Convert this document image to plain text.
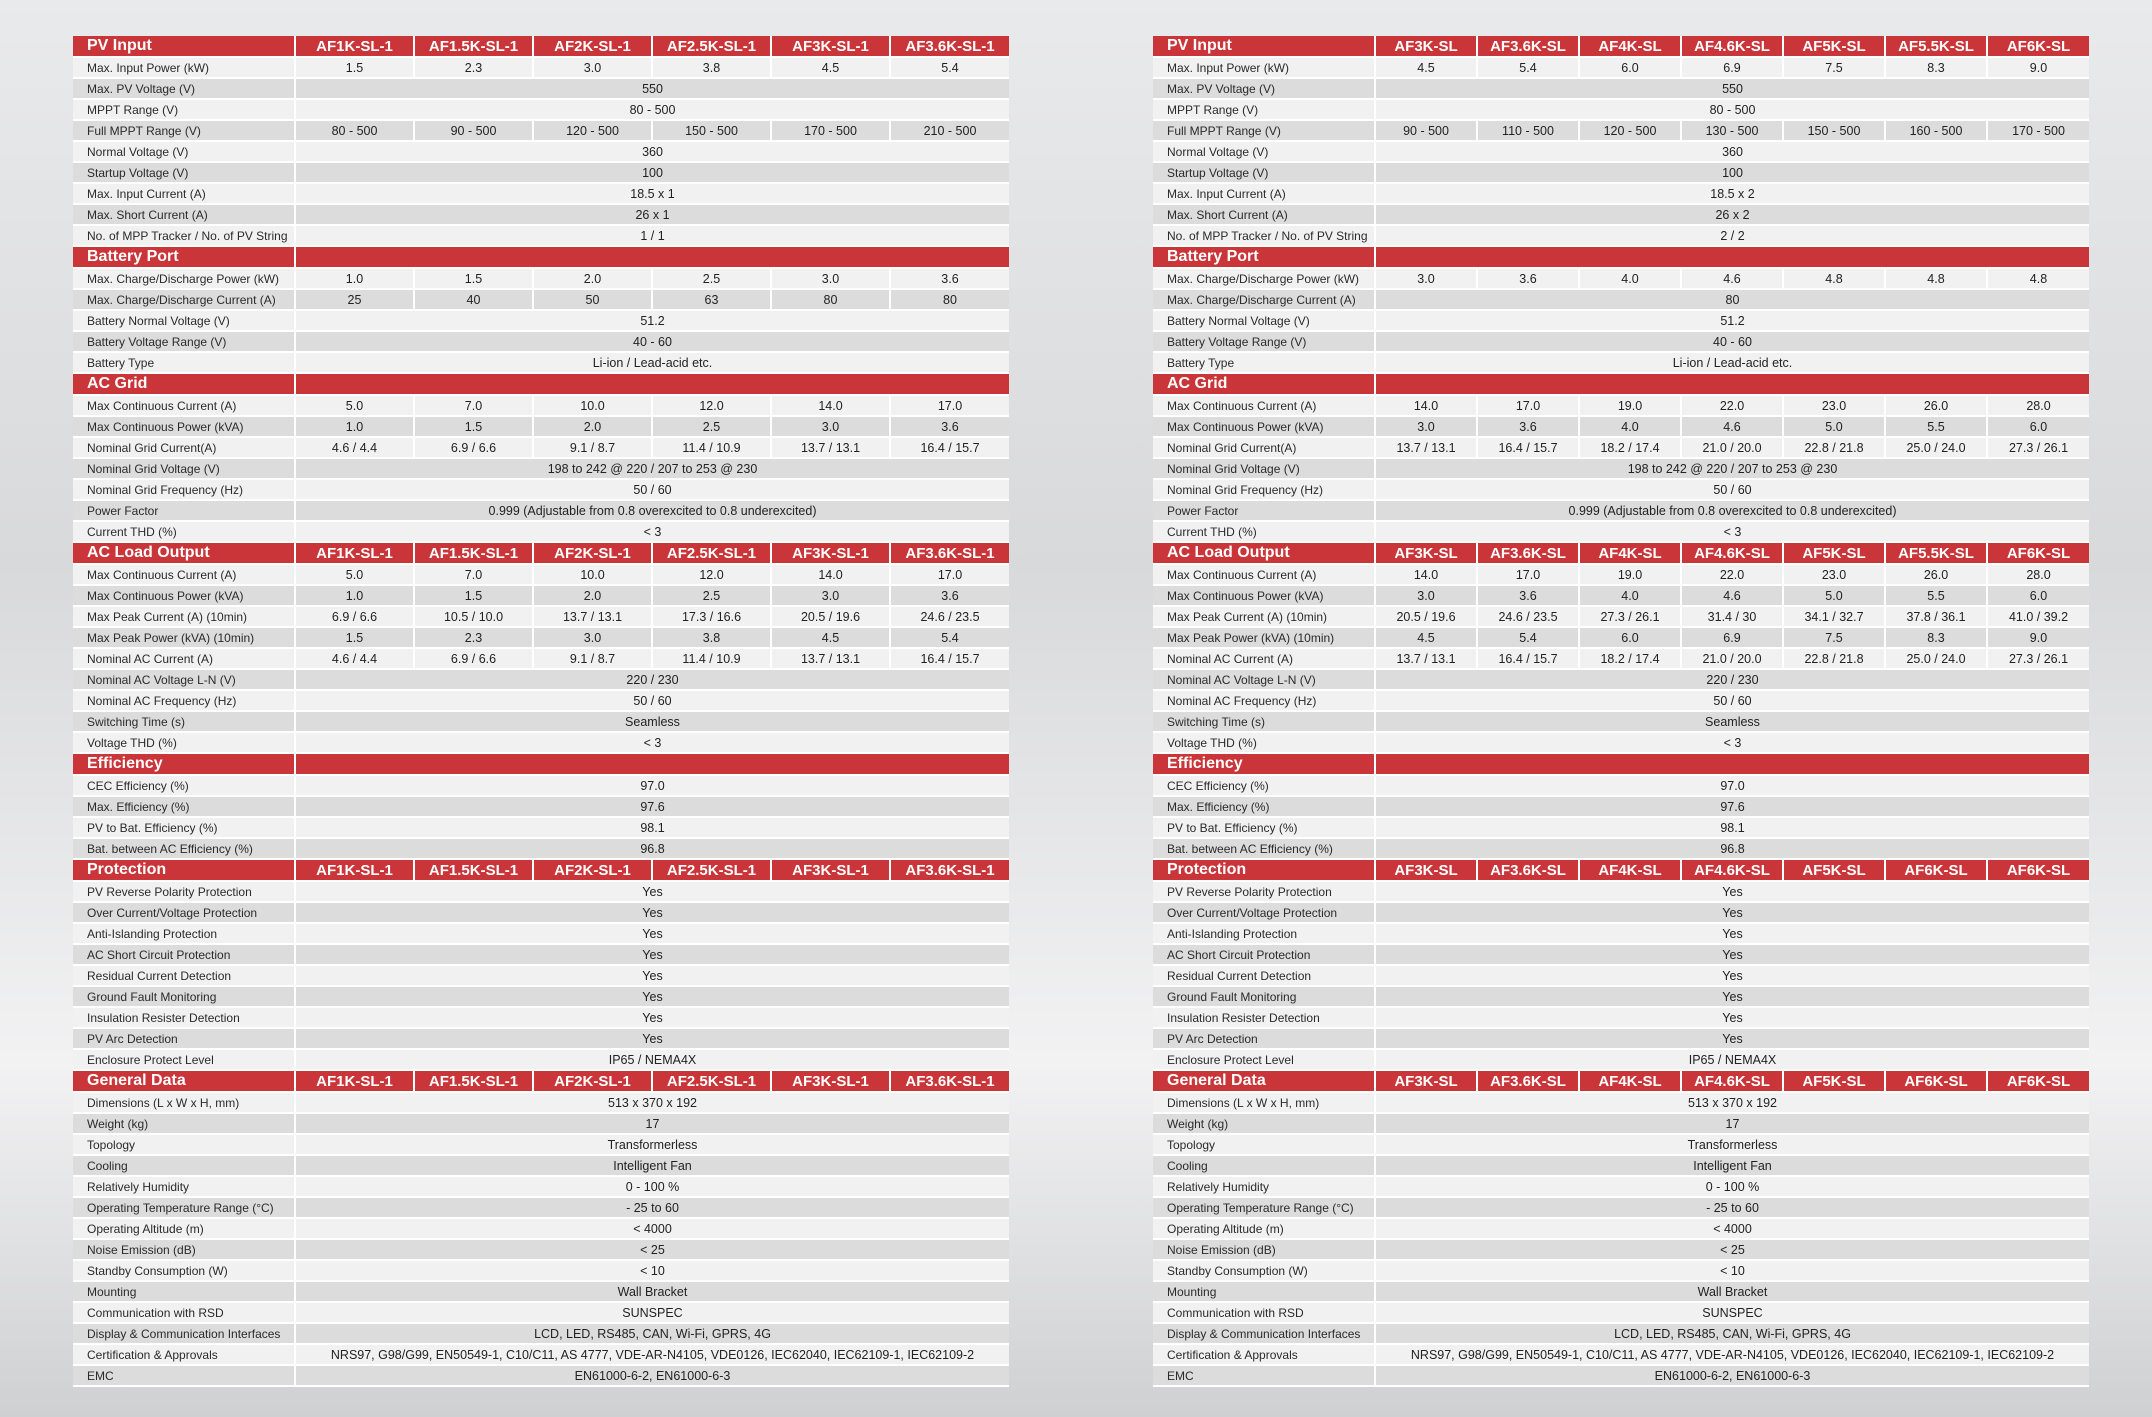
PV Input	AF1K-SL-1	AF1.5K-SL-1	AF2K-SL-1	AF2.5K-SL-1	AF3K-SL-1	AF3.6K-SL-1
Max. Input Power (kW)	1.5	2.3	3.0	3.8	4.5	5.4
Max. PV Voltage (V)	550					
MPPT Range (V)	80 - 500					
Full MPPT Range (V)	80 - 500	90 - 500	120 - 500	150 - 500	170 - 500	210 - 500
Normal Voltage (V)	360					
Startup Voltage (V)	100					
Max. Input Current (A)	18.5 x 1					
Max. Short Current (A)	26 x 1					
No. of MPP Tracker / No. of PV String	1 / 1					
Battery Port						
Max. Charge/Discharge Power (kW)	1.0	1.5	2.0	2.5	3.0	3.6
Max. Charge/Discharge Current (A)	25	40	50	63	80	80
Battery Normal Voltage (V)	51.2					
Battery Voltage Range (V)	40 - 60					
Battery Type	Li-ion / Lead-acid etc.					
AC Grid						
Max Continuous Current (A)	5.0	7.0	10.0	12.0	14.0	17.0
Max Continuous Power (kVA)	1.0	1.5	2.0	2.5	3.0	3.6
Nominal Grid Current(A)	4.6 / 4.4	6.9 / 6.6	9.1 / 8.7	11.4 / 10.9	13.7 / 13.1	16.4 / 15.7
Nominal Grid Voltage (V)	198 to 242 @ 220 / 207 to 253 @ 230					
Nominal Grid Frequency (Hz)	50 / 60					
Power Factor	0.999 (Adjustable from 0.8 overexcited to 0.8 underexcited)					
Current THD (%)	< 3					
AC Load Output	AF1K-SL-1	AF1.5K-SL-1	AF2K-SL-1	AF2.5K-SL-1	AF3K-SL-1	AF3.6K-SL-1
Max Continuous Current (A)	5.0	7.0	10.0	12.0	14.0	17.0
Max Continuous Power (kVA)	1.0	1.5	2.0	2.5	3.0	3.6
Max Peak Current (A) (10min)	6.9 / 6.6	10.5 / 10.0	13.7 / 13.1	17.3 / 16.6	20.5 / 19.6	24.6 / 23.5
Max Peak Power (kVA) (10min)	1.5	2.3	3.0	3.8	4.5	5.4
Nominal AC Current (A)	4.6 / 4.4	6.9 / 6.6	9.1 / 8.7	11.4 / 10.9	13.7 / 13.1	16.4 / 15.7
Nominal AC Voltage L-N (V)	220 / 230					
Nominal AC Frequency (Hz)	50 / 60					
Switching Time (s)	Seamless					
Voltage THD (%)	< 3					
Efficiency						
CEC Efficiency (%)	97.0					
Max. Efficiency (%)	97.6					
PV to Bat. Efficiency (%)	98.1					
Bat. between AC Efficiency (%)	96.8					
Protection	AF1K-SL-1	AF1.5K-SL-1	AF2K-SL-1	AF2.5K-SL-1	AF3K-SL-1	AF3.6K-SL-1
PV Reverse Polarity Protection	Yes					
Over Current/Voltage Protection	Yes					
Anti-Islanding Protection	Yes					
AC Short Circuit Protection	Yes					
Residual Current Detection	Yes					
Ground Fault Monitoring	Yes					
Insulation Resister Detection	Yes					
PV Arc Detection	Yes					
Enclosure Protect Level	IP65 / NEMA4X					
General Data	AF1K-SL-1	AF1.5K-SL-1	AF2K-SL-1	AF2.5K-SL-1	AF3K-SL-1	AF3.6K-SL-1
Dimensions (L x W x H, mm)	513 x 370 x 192					
Weight (kg)	17					
Topology	Transformerless					
Cooling	Intelligent Fan					
Relatively Humidity	0 - 100 %					
Operating Temperature Range (°C)	- 25 to 60					
Operating Altitude (m)	< 4000					
Noise Emission (dB)	< 25					
Standby Consumption (W)	< 10					
Mounting	Wall Bracket					
Communication with RSD	SUNSPEC					
Display & Communication Interfaces	LCD, LED, RS485, CAN, Wi-Fi, GPRS, 4G					
Certification & Approvals	NRS97, G98/G99, EN50549-1, C10/C11, AS 4777, VDE-AR-N4105, VDE0126, IEC62040, IEC62109-1, IEC62109-2					
EMC	EN61000-6-2, EN61000-6-3					
PV Input	AF3K-SL	AF3.6K-SL	AF4K-SL	AF4.6K-SL	AF5K-SL	AF5.5K-SL	AF6K-SL
Max. Input Power (kW)	4.5	5.4	6.0	6.9	7.5	8.3	9.0
Max. PV Voltage (V)	550						
MPPT Range (V)	80 - 500						
Full MPPT Range (V)	90 - 500	110 - 500	120 - 500	130 - 500	150 - 500	160 - 500	170 - 500
Normal Voltage (V)	360						
Startup Voltage (V)	100						
Max. Input Current (A)	18.5 x 2						
Max. Short Current (A)	26 x 2						
No. of MPP Tracker / No. of PV String	2 / 2						
Battery Port							
Max. Charge/Discharge Power (kW)	3.0	3.6	4.0	4.6	4.8	4.8	4.8
Max. Charge/Discharge Current (A)	80						
Battery Normal Voltage (V)	51.2						
Battery Voltage Range (V)	40 - 60						
Battery Type	Li-ion / Lead-acid etc.						
AC Grid							
Max Continuous Current (A)	14.0	17.0	19.0	22.0	23.0	26.0	28.0
Max Continuous Power (kVA)	3.0	3.6	4.0	4.6	5.0	5.5	6.0
Nominal Grid Current(A)	13.7 / 13.1	16.4 / 15.7	18.2 / 17.4	21.0 / 20.0	22.8 / 21.8	25.0 / 24.0	27.3 / 26.1
Nominal Grid Voltage (V)	198 to 242 @ 220 / 207 to 253 @ 230						
Nominal Grid Frequency (Hz)	50 / 60						
Power Factor	0.999 (Adjustable from 0.8 overexcited to 0.8 underexcited)						
Current THD (%)	< 3						
AC Load Output	AF3K-SL	AF3.6K-SL	AF4K-SL	AF4.6K-SL	AF5K-SL	AF5.5K-SL	AF6K-SL
Max Continuous Current (A)	14.0	17.0	19.0	22.0	23.0	26.0	28.0
Max Continuous Power (kVA)	3.0	3.6	4.0	4.6	5.0	5.5	6.0
Max Peak Current (A) (10min)	20.5 / 19.6	24.6 / 23.5	27.3 / 26.1	31.4 / 30	34.1 / 32.7	37.8 / 36.1	41.0 / 39.2
Max Peak Power (kVA) (10min)	4.5	5.4	6.0	6.9	7.5	8.3	9.0
Nominal AC Current (A)	13.7 / 13.1	16.4 / 15.7	18.2 / 17.4	21.0 / 20.0	22.8 / 21.8	25.0 / 24.0	27.3 / 26.1
Nominal AC Voltage L-N (V)	220 / 230						
Nominal AC Frequency (Hz)	50 / 60						
Switching Time (s)	Seamless						
Voltage THD (%)	< 3						
Efficiency							
CEC Efficiency (%)	97.0						
Max. Efficiency (%)	97.6						
PV to Bat. Efficiency (%)	98.1						
Bat. between AC Efficiency (%)	96.8						
Protection	AF3K-SL	AF3.6K-SL	AF4K-SL	AF4.6K-SL	AF5K-SL	AF6K-SL	AF6K-SL
PV Reverse Polarity Protection	Yes						
Over Current/Voltage Protection	Yes						
Anti-Islanding Protection	Yes						
AC Short Circuit Protection	Yes						
Residual Current Detection	Yes						
Ground Fault Monitoring	Yes						
Insulation Resister Detection	Yes						
PV Arc Detection	Yes						
Enclosure Protect Level	IP65 / NEMA4X						
General Data	AF3K-SL	AF3.6K-SL	AF4K-SL	AF4.6K-SL	AF5K-SL	AF6K-SL	AF6K-SL
Dimensions (L x W x H, mm)	513 x 370 x 192						
Weight (kg)	17						
Topology	Transformerless						
Cooling	Intelligent Fan						
Relatively Humidity	0 - 100 %						
Operating Temperature Range (°C)	- 25 to 60						
Operating Altitude (m)	< 4000						
Noise Emission (dB)	< 25						
Standby Consumption (W)	< 10						
Mounting	Wall Bracket						
Communication with RSD	SUNSPEC						
Display & Communication Interfaces	LCD, LED, RS485, CAN, Wi-Fi, GPRS, 4G						
Certification & Approvals	NRS97, G98/G99, EN50549-1, C10/C11, AS 4777, VDE-AR-N4105, VDE0126, IEC62040, IEC62109-1, IEC62109-2						
EMC	EN61000-6-2, EN61000-6-3						
